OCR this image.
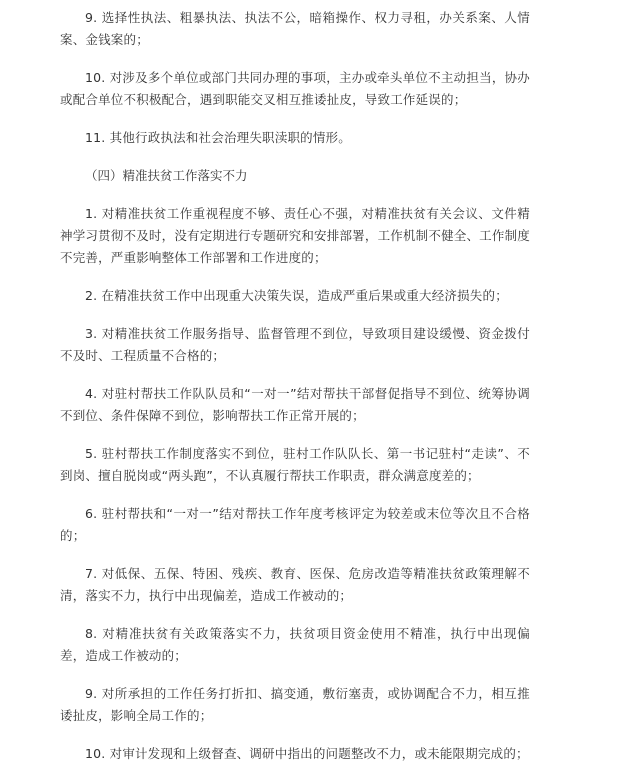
9. 选择性执法、粗暴执法、执法不公，暗箱操作、权力寻租，办关系案、人情案、金钱案的；

10. 对涉及多个单位或部门共同办理的事项，主办或牵头单位不主动担当，协办或配合单位不积极配合，遇到职能交叉相互推诿扯皮，导致工作延误的；

11. 其他行政执法和社会治理失职渎职的情形。

（四）精准扶贫工作落实不力

1. 对精准扶贫工作重视程度不够、责任心不强，对精准扶贫有关会议、文件精神学习贯彻不及时，没有定期进行专题研究和安排部署，工作机制不健全、工作制度不完善，严重影响整体工作部署和工作进度的；

2. 在精准扶贫工作中出现重大决策失误，造成严重后果或重大经济损失的；

3. 对精准扶贫工作服务指导、监督管理不到位，导致项目建设缓慢、资金拨付不及时、工程质量不合格的；

4. 对驻村帮扶工作队队员和“一对一”结对帮扶干部督促指导不到位、统筹协调不到位、条件保障不到位，影响帮扶工作正常开展的；

5. 驻村帮扶工作制度落实不到位，驻村工作队队长、第一书记驻村“走读”、不到岗、擅自脱岗或“两头跑”，不认真履行帮扶工作职责，群众满意度差的；

6. 驻村帮扶和“一对一”结对帮扶工作年度考核评定为较差或末位等次且不合格的；

7. 对低保、五保、特困、残疾、教育、医保、危房改造等精准扶贫政策理解不清，落实不力，执行中出现偏差，造成工作被动的；

8. 对精准扶贫有关政策落实不力，扶贫项目资金使用不精准，执行中出现偏差，造成工作被动的；

9. 对所承担的工作任务打折扣、搞变通，敷衍塞责，或协调配合不力，相互推诿扯皮，影响全局工作的；

10. 对审计发现和上级督查、调研中指出的问题整改不力，或未能限期完成的；
